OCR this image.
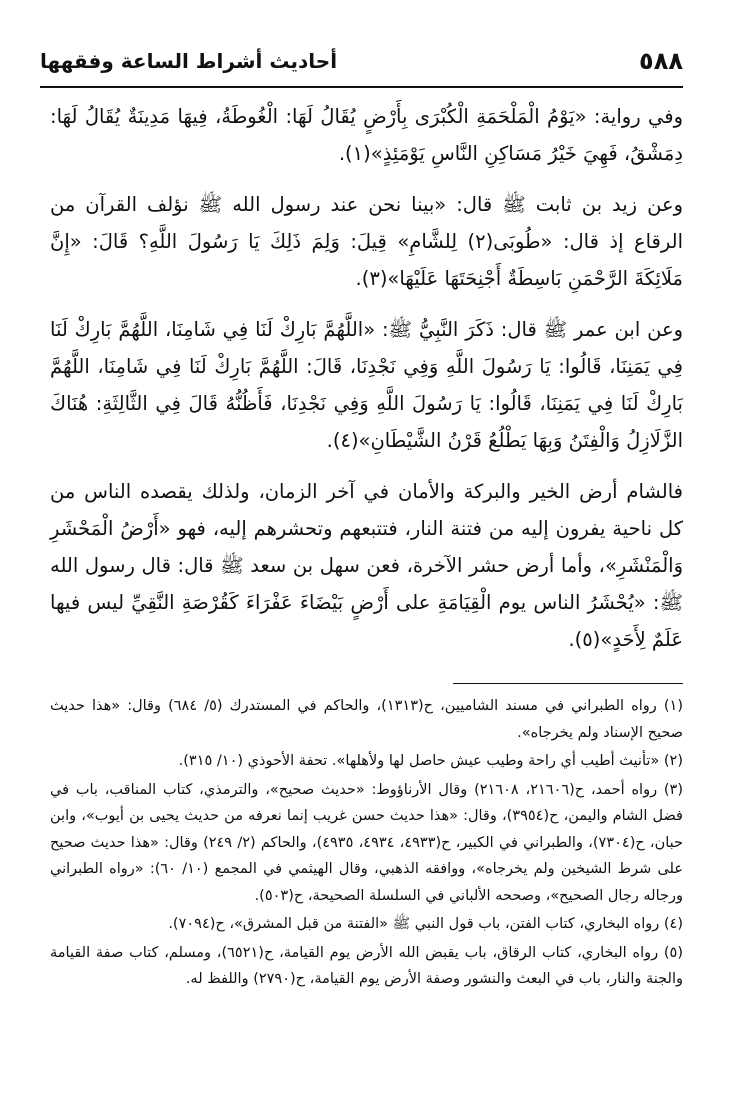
٥٨٨
أحاديث أشراط الساعة وفقهها

وفي رواية: «يَوْمُ الْمَلْحَمَةِ الْكُبْرَى بِأَرْضٍ يُقَالُ لَهَا: الْغُوطَةُ، فِيهَا مَدِينَةٌ يُقَالُ لَهَا: دِمَشْقُ، فَهِيَ خَيْرُ مَسَاكِنِ النَّاسِ يَوْمَئِذٍ»(١).

وعن زيد بن ثابت ﷺ قال: «بينا نحن عند رسول الله ﷺ نؤلف القرآن من الرقاع إذ قال: «طُوبَى(٢) لِلشَّامِ» قِيلَ: وَلِمَ ذَلِكَ يَا رَسُولَ اللَّهِ؟ قَالَ: «إِنَّ مَلَائِكَةَ الرَّحْمَنِ بَاسِطَةٌ أَجْنِحَتَهَا عَلَيْهَا»(٣).

وعن ابن عمر ﷺ قال: ذَكَرَ النَّبِيُّ ﷺ: «اللَّهُمَّ بَارِكْ لَنَا فِي شَامِنَا، اللَّهُمَّ بَارِكْ لَنَا فِي يَمَنِنَا، قَالُوا: يَا رَسُولَ اللَّهِ وَفِي نَجْدِنَا، قَالَ: اللَّهُمَّ بَارِكْ لَنَا فِي شَامِنَا، اللَّهُمَّ بَارِكْ لَنَا فِي يَمَنِنَا، قَالُوا: يَا رَسُولَ اللَّهِ وَفِي نَجْدِنَا، فَأَظُنُّهُ قَالَ فِي الثَّالِثَةِ: هُنَاكَ الزَّلَازِلُ وَالْفِتَنُ وَبِهَا يَطْلُعُ قَرْنُ الشَّيْطَانِ»(٤).

فالشام أرض الخير والبركة والأمان في آخر الزمان، ولذلك يقصده الناس من كل ناحية يفرون إليه من فتنة النار، فتتبعهم وتحشرهم إليه، فهو «أَرْضُ الْمَحْشَرِ وَالْمَنْشَرِ»، وأما أرض حشر الآخرة، فعن سهل بن سعد ﷺ قال: قال رسول الله ﷺ: «يُحْشَرُ الناس يوم الْقِيَامَةِ على أَرْضٍ بَيْضَاءَ عَفْرَاءَ كَقُرْصَةِ النَّقِيِّ ليس فيها عَلَمٌ لِأَحَدٍ»(٥).

(١) رواه الطبراني في مسند الشاميين، ح(١٣١٣)، والحاكم في المستدرك (٥/ ٦٨٤) وقال: «هذا حديث صحيح الإسناد ولم يخرجاه».

(٢) «تأنيث أطيب أي راحة وطيب عيش حاصل لها ولأهلها». تحفة الأحوذي (١٠/ ٣١٥).

(٣) رواه أحمد، ح(٢١٦٠٦، ٢١٦٠٨) وقال الأرناؤوط: «حديث صحيح»، والترمذي، كتاب المناقب، باب في فضل الشام واليمن، ح(٣٩٥٤)، وقال: «هذا حديث حسن غريب إنما نعرفه من حديث يحيى بن أيوب»، وابن حبان، ح(٧٣٠٤)، والطبراني في الكبير، ح(٤٩٣٣، ٤٩٣٤، ٤٩٣٥)، والحاكم (٢/ ٢٤٩) وقال: «هذا حديث صحيح على شرط الشيخين ولم يخرجاه»، ووافقه الذهبي، وقال الهيثمي في المجمع (١٠/ ٦٠): «رواه الطبراني ورجاله رجال الصحيح»، وصححه الألباني في السلسلة الصحيحة، ح(٥٠٣).

(٤) رواه البخاري، كتاب الفتن، باب قول النبي ﷺ «الفتنة من قبل المشرق»، ح(٧٠٩٤).

(٥) رواه البخاري، كتاب الرقاق، باب يقبض الله الأرض يوم القيامة، ح(٦٥٢١)، ومسلم، كتاب صفة القيامة والجنة والنار، باب في البعث والنشور وصفة الأرض يوم القيامة، ح(٢٧٩٠) واللفظ له.
